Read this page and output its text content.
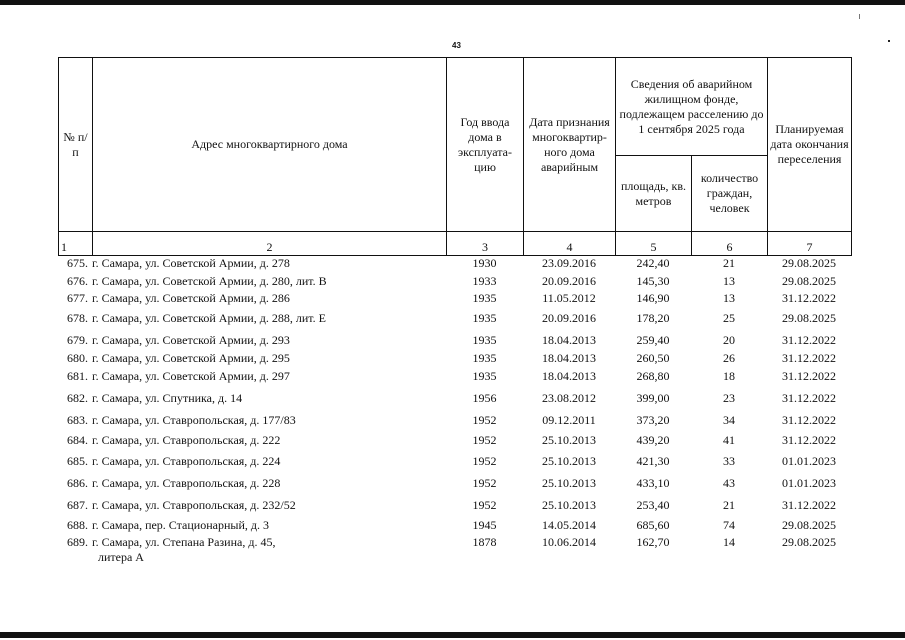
43
№ п/п	Адрес многоквартирного дома	Год ввода дома в эксплуата-цию	Дата признания многоквартир-ного дома аварийным	Сведения об аварийном жилищном фонде, подлежащем расселению до 1 сентября 2025 года		Планируемая дата окончания переселения
				площадь, кв. метров	количество граждан, человек	
1	2	3	4	5	6	7
675.	г. Самара, ул. Советской Армии, д. 278	1930	23.09.2016	242,40	21	29.08.2025
676.	г. Самара, ул. Советской Армии, д. 280, лит. В	1933	20.09.2016	145,30	13	29.08.2025
677.	г. Самара, ул. Советской Армии, д. 286	1935	11.05.2012	146,90	13	31.12.2022
678.	г. Самара, ул. Советской Армии, д. 288, лит. Е	1935	20.09.2016	178,20	25	29.08.2025
679.	г. Самара, ул. Советской Армии, д. 293	1935	18.04.2013	259,40	20	31.12.2022
680.	г. Самара, ул. Советской Армии, д. 295	1935	18.04.2013	260,50	26	31.12.2022
681.	г. Самара, ул. Советской Армии, д. 297	1935	18.04.2013	268,80	18	31.12.2022
682.	г. Самара, ул. Спутника, д. 14	1956	23.08.2012	399,00	23	31.12.2022
683.	г. Самара, ул. Ставропольская, д. 177/83	1952	09.12.2011	373,20	34	31.12.2022
684.	г. Самара, ул. Ставропольская, д. 222	1952	25.10.2013	439,20	41	31.12.2022
685.	г. Самара, ул. Ставропольская, д. 224	1952	25.10.2013	421,30	33	01.01.2023
686.	г. Самара, ул. Ставропольская, д. 228	1952	25.10.2013	433,10	43	01.01.2023
687.	г. Самара, ул. Ставропольская, д. 232/52	1952	25.10.2013	253,40	21	31.12.2022
688.	г. Самара, пер. Стационарный, д. 3	1945	14.05.2014	685,60	74	29.08.2025
689.	г. Самара, ул. Степана Разина, д. 45,
литера А	1878	10.06.2014	162,70	14	29.08.2025
